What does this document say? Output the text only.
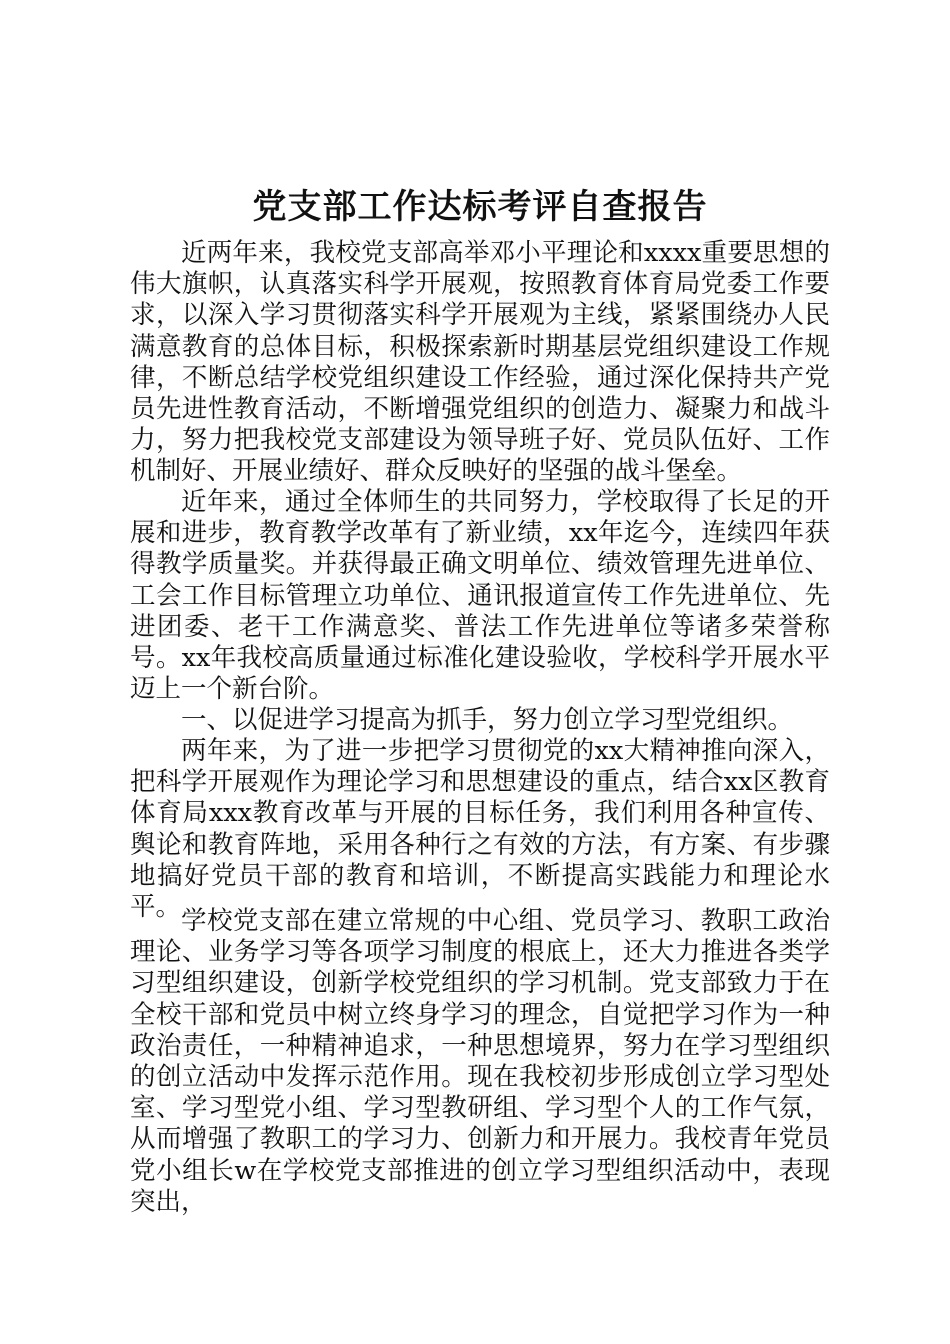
党支部工作达标考评自查报告

近两年来，我校党支部高举邓小平理论和xxxx重要思想的伟大旗帜，认真落实科学开展观，按照教育体育局党委工作要求，以深入学习贯彻落实科学开展观为主线，紧紧围绕办人民满意教育的总体目标，积极探索新时期基层党组织建设工作规律，不断总结学校党组织建设工作经验，通过深化保持共产党员先进性教育活动，不断增强党组织的创造力、凝聚力和战斗力，努力把我校党支部建设为领导班子好、党员队伍好、工作机制好、开展业绩好、群众反映好的坚强的战斗堡垒。

近年来，通过全体师生的共同努力，学校取得了长足的开展和进步，教育教学改革有了新业绩，xx年迄今，连续四年获得教学质量奖。并获得最正确文明单位、绩效管理先进单位、工会工作目标管理立功单位、通讯报道宣传工作先进单位、先进团委、老干工作满意奖、普法工作先进单位等诸多荣誉称号。xx年我校高质量通过标准化建设验收，学校科学开展水平迈上一个新台阶。

一、以促进学习提高为抓手，努力创立学习型党组织。

两年来，为了进一步把学习贯彻党的xx大精神推向深入，把科学开展观作为理论学习和思想建设的重点，结合xx区教育体育局xxx教育改革与开展的目标任务，我们利用各种宣传、舆论和教育阵地，采用各种行之有效的方法，有方案、有步骤地搞好党员干部的教育和培训，不断提高实践能力和理论水平。 学校党支部在建立常规的中心组、党员学习、教职工政治理论、业务学习等各项学习制度的根底上，还大力推进各类学习型组织建设，创新学校党组织的学习机制。党支部致力于在全校干部和党员中树立终身学习的理念，自觉把学习作为一种政治责任，一种精神追求，一种思想境界，努力在学习型组织的创立活动中发挥示范作用。现在我校初步形成创立学习型处室、学习型党小组、学习型教研组、学习型个人的工作气氛，从而增强了教职工的学习力、创新力和开展力。我校青年党员党小组长w在学校党支部推进的创立学习型组织活动中，表现突出，
